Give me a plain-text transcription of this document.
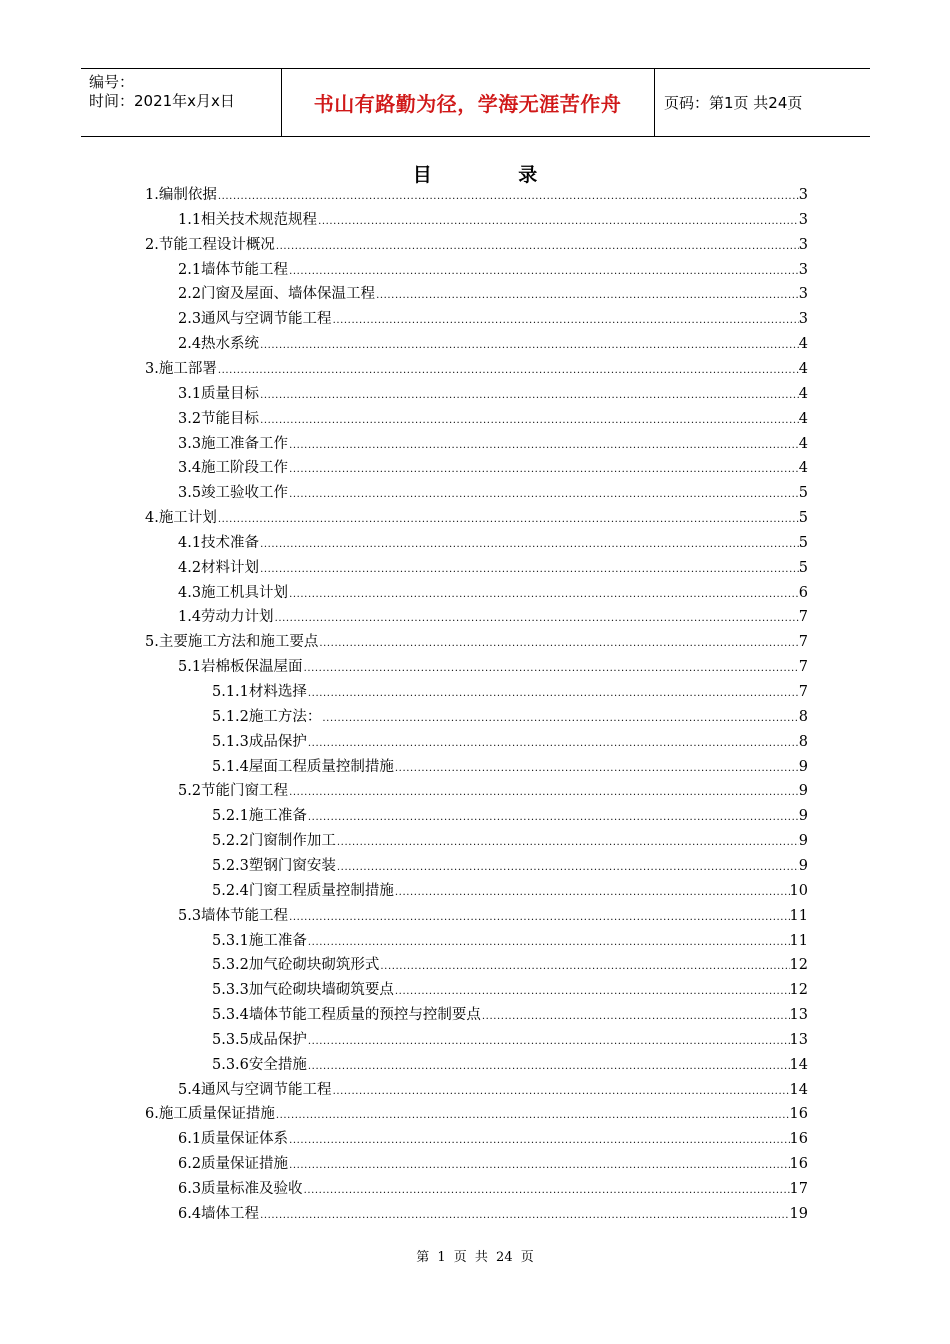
编号：
时间：2021年x月x日	书山有路勤为径，学海无涯苦作舟	页码：第1页 共24页
目 录
1.编制依据 .....	3
1.1相关技术规范规程 .....	3
2.节能工程设计概况 .....	3
2.1墙体节能工程 .....	3
2.2门窗及屋面、墙体保温工程 .....	3
2.3通风与空调节能工程 .....	3
2.4热水系统 .....	4
3.施工部署 .....	4
3.1质量目标 .....	4
3.2节能目标 .....	4
3.3施工准备工作 .....	4
3.4施工阶段工作 .....	4
3.5竣工验收工作 .....	5
4.施工计划 .....	5
4.1技术准备 .....	5
4.2材料计划 .....	5
4.3施工机具计划 .....	6
1.4劳动力计划 .....	7
5.主要施工方法和施工要点 .....	7
5.1岩棉板保温屋面 .....	7
5.1.1材料选择 .....	7
5.1.2施工方法： .....	8
5.1.3成品保护 .....	8
5.1.4屋面工程质量控制措施 .....	9
5.2节能门窗工程 .....	9
5.2.1施工准备 .....	9
5.2.2门窗制作加工 .....	9
5.2.3塑钢门窗安装 .....	9
5.2.4门窗工程质量控制措施 .....	10
5.3墙体节能工程 .....	11
5.3.1施工准备 .....	11
5.3.2加气砼砌块砌筑形式 .....	12
5.3.3加气砼砌块墙砌筑要点 .....	12
5.3.4墙体节能工程质量的预控与控制要点 .....	13
5.3.5成品保护 .....	13
5.3.6安全措施 .....	14
5.4通风与空调节能工程 .....	14
6.施工质量保证措施 .....	16
6.1质量保证体系 .....	16
6.2质量保证措施 .....	16
6.3质量标准及验收 .....	17
6.4墙体工程 .....	19
第 1 页 共 24 页
